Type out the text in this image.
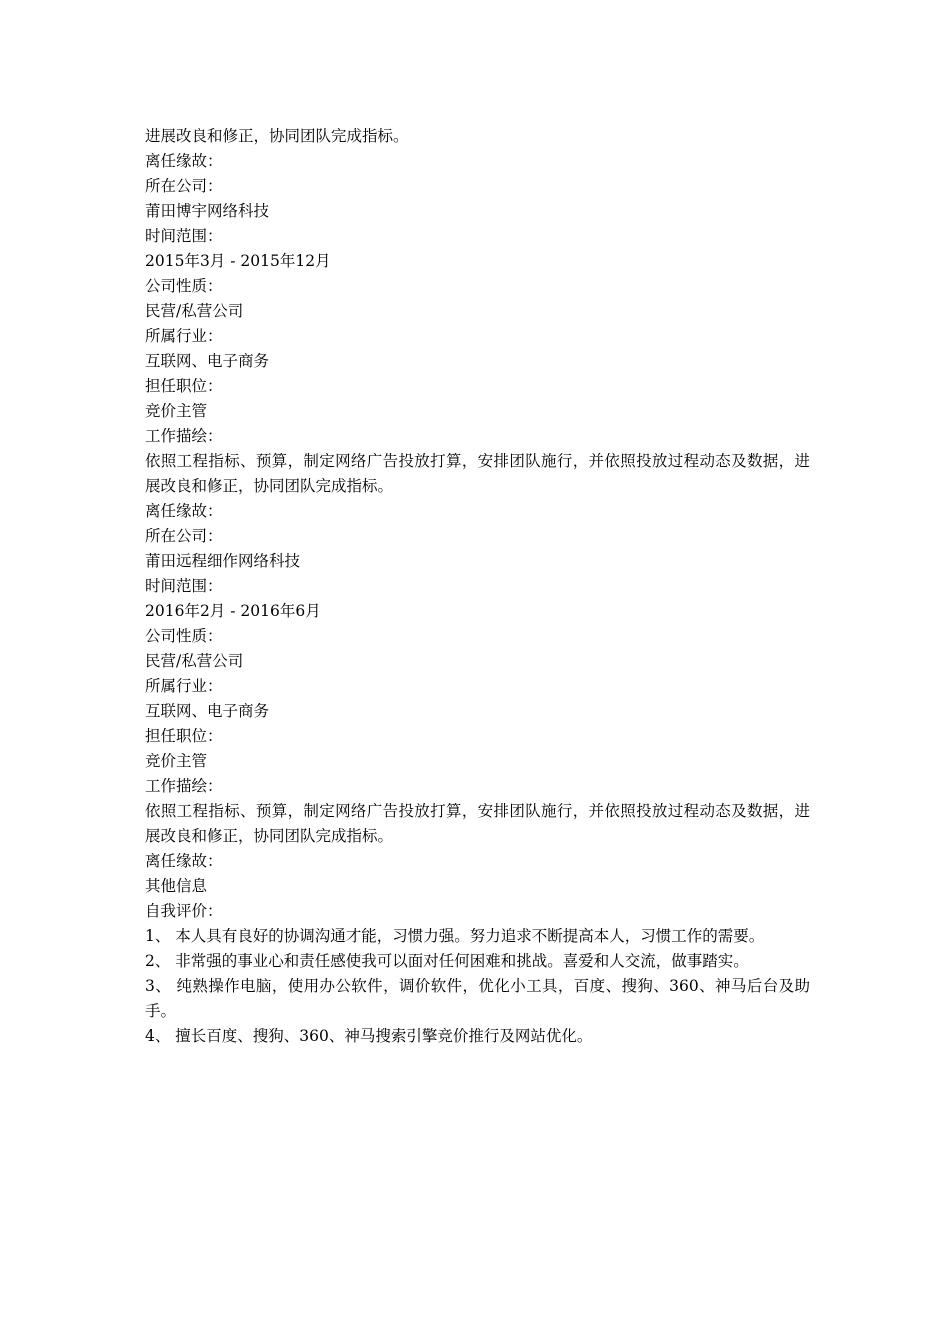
进展改良和修正，协同团队完成指标。

离任缘故：

所在公司：

莆田博宇网络科技

时间范围：

2015年3月 - 2015年12月

公司性质：

民营/私营公司

所属行业：

互联网、电子商务

担任职位：

竞价主管

工作描绘：

依照工程指标、预算，制定网络广告投放打算，安排团队施行，并依照投放过程动态及数据，进展改良和修正，协同团队完成指标。

离任缘故：

所在公司：

莆田远程细作网络科技

时间范围：

2016年2月 - 2016年6月

公司性质：

民营/私营公司

所属行业：

互联网、电子商务

担任职位：

竞价主管

工作描绘：

依照工程指标、预算，制定网络广告投放打算，安排团队施行，并依照投放过程动态及数据，进展改良和修正，协同团队完成指标。

离任缘故：

其他信息

自我评价：

1、 本人具有良好的协调沟通才能，习惯力强。努力追求不断提高本人，习惯工作的需要。

2、 非常强的事业心和责任感使我可以面对任何困难和挑战。喜爱和人交流，做事踏实。

3、 纯熟操作电脑，使用办公软件，调价软件，优化小工具，百度、搜狗、360、神马后台及助手。

4、 擅长百度、搜狗、360、神马搜索引擎竞价推行及网站优化。
